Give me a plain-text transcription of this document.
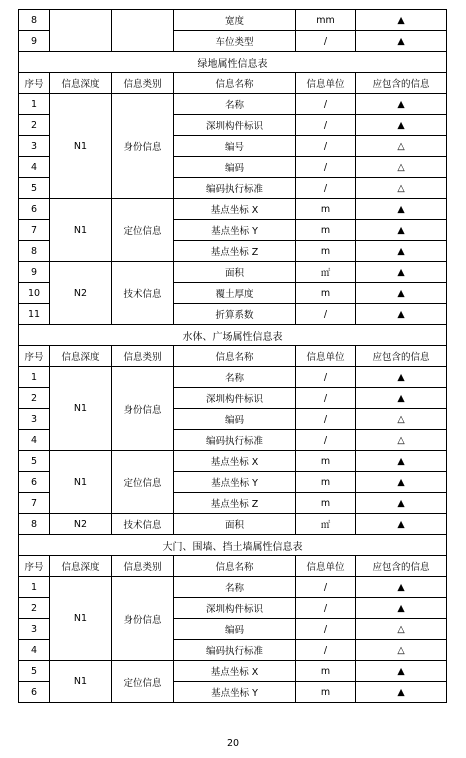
8			宽度	mm	▲
9			车位类型	/	▲
绿地属性信息表					
序号	信息深度	信息类别	信息名称	信息单位	应包含的信息
1	N1	身份信息	名称	/	▲
2			深圳构件标识	/	▲
3			编号	/	△
4			编码	/	△
5			编码执行标准	/	△
6	N1	定位信息	基点坐标 X	m	▲
7			基点坐标 Y	m	▲
8			基点坐标 Z	m	▲
9	N2	技术信息	面积	㎡	▲
10			覆土厚度	m	▲
11			折算系数	/	▲
水体、广场属性信息表					
序号	信息深度	信息类别	信息名称	信息单位	应包含的信息
1	N1	身份信息	名称	/	▲
2			深圳构件标识	/	▲
3			编码	/	△
4			编码执行标准	/	△
5	N1	定位信息	基点坐标 X	m	▲
6			基点坐标 Y	m	▲
7			基点坐标 Z	m	▲
8	N2	技术信息	面积	㎡	▲
大门、围墙、挡土墙属性信息表					
序号	信息深度	信息类别	信息名称	信息单位	应包含的信息
1	N1	身份信息	名称	/	▲
2			深圳构件标识	/	▲
3			编码	/	△
4			编码执行标准	/	△
5	N1	定位信息	基点坐标 X	m	▲
6			基点坐标 Y	m	▲
20
